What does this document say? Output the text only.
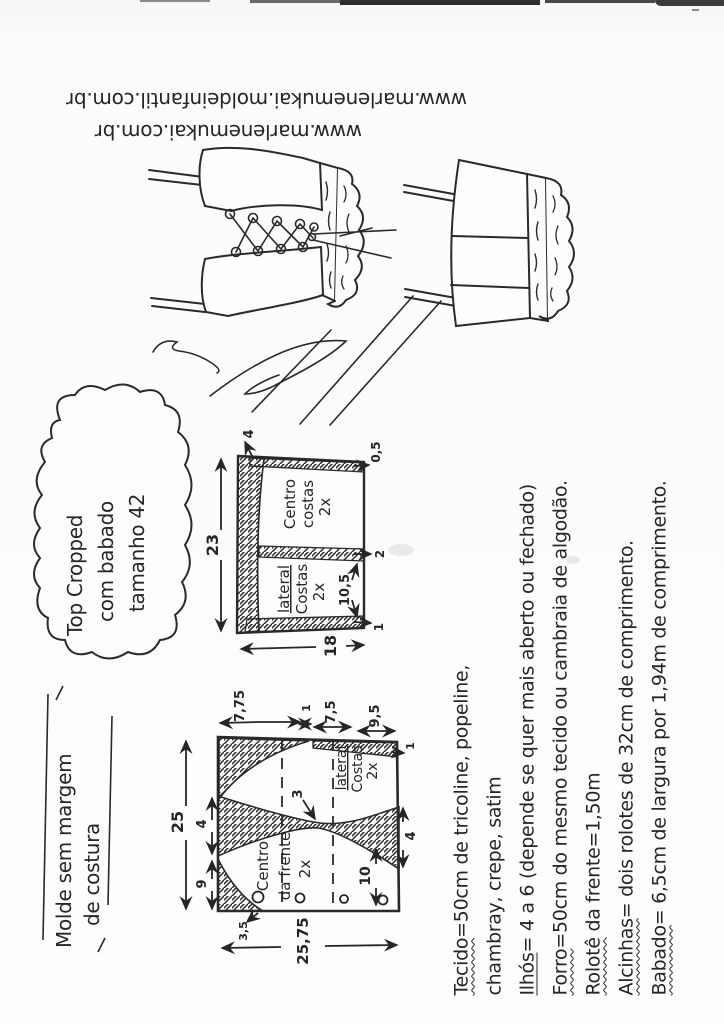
23
4
0,5
2
1
10,5
18
Centro costas 2x
lateral Costas 2x
25 4
9
7,75	1 7,5 9,5
1
3
4
10
3,5	25,75
Centro da frente 2x
lateral Costas 2x
www.marlenemukai.com.br
www.marlenemukai.moldeinfantil.com.br
Top Cropped com babado tamanho 42
Molde sem margem de costura
Tecido=50cm de tricoline, popeline, chambray, crepe, satim Ilhós= 4 a 6 (depende se quer mais aberto ou fechado)
Forro=50cm do mesmo tecido ou cambraia de algodão.
Rolotê da frente=1,50m
Alcinhas= dois rolotes de 32cm de comprimento.
Babado= 6,5cm de largura por 1,94m de comprimento.
